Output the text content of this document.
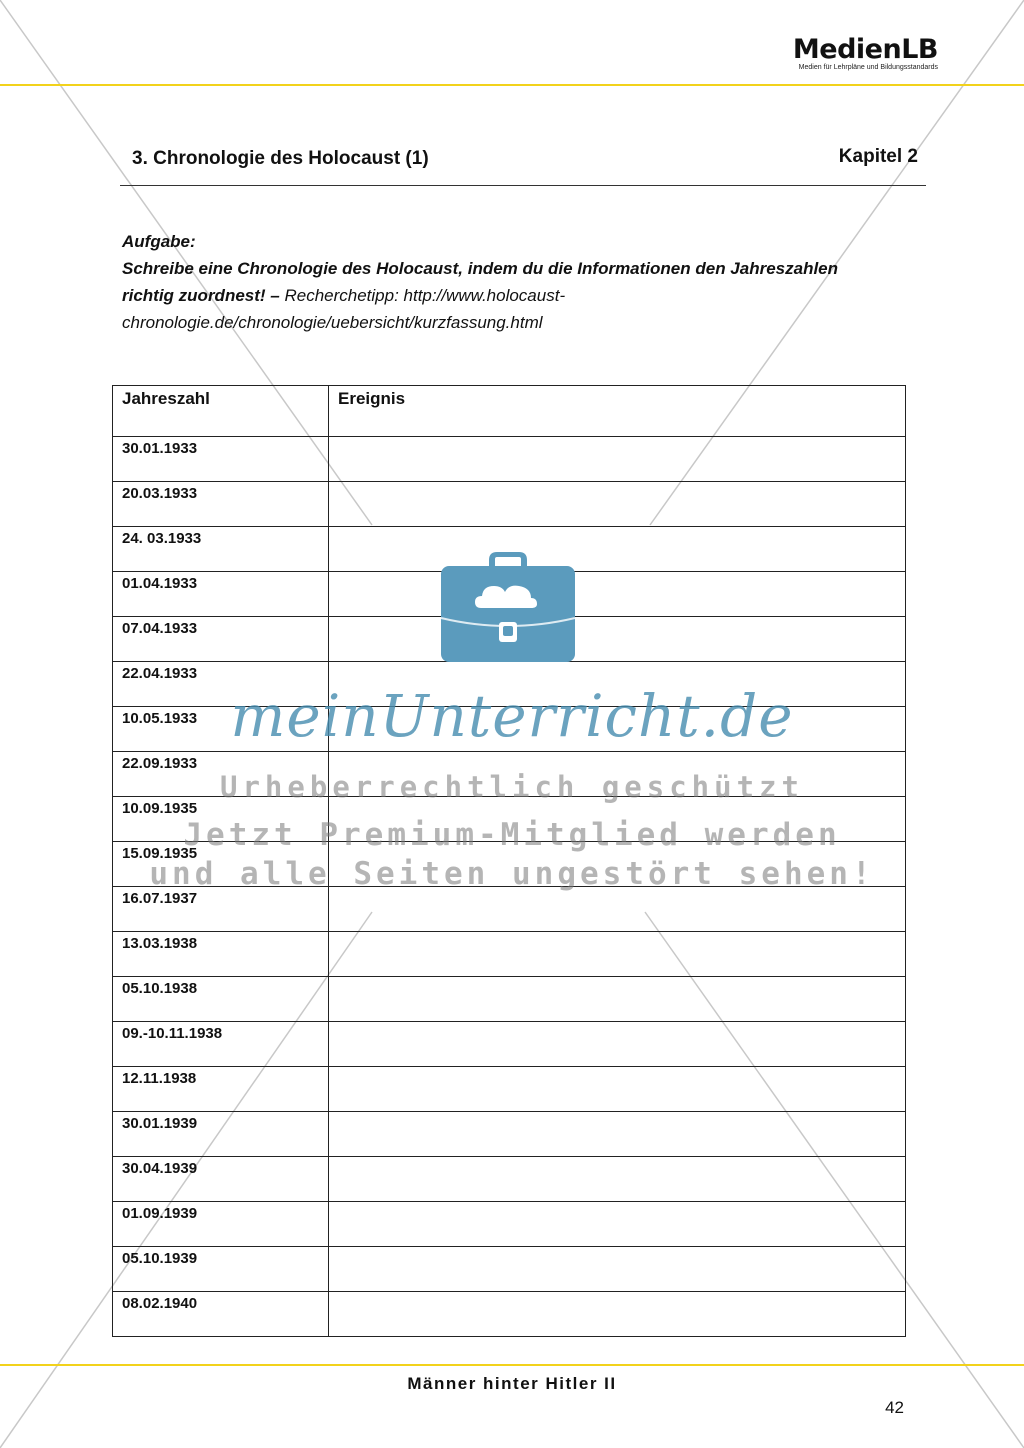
MedienLB
Medien für Lehrpläne und Bildungsstandards
3. Chronologie des Holocaust (1)	Kapitel 2
Aufgabe:
Schreibe eine Chronologie des Holocaust, indem du die Informationen den Jahreszahlen richtig zuordnest! – Recherchetipp: http://www.holocaust-chronologie.de/chronologie/uebersicht/kurzfassung.html
Jahreszahl	Ereignis
30.01.1933	
20.03.1933	
24. 03.1933	
01.04.1933	
07.04.1933	
22.04.1933	
10.05.1933	
22.09.1933	
10.09.1935	
15.09.1935	
16.07.1937	
13.03.1938	
05.10.1938	
09.-10.11.1938	
12.11.1938	
30.01.1939	
30.04.1939	
01.09.1939	
05.10.1939	
08.02.1940	
meinUnterricht.de
Urheberrechtlich geschützt
Jetzt Premium-Mitglied werden
und alle Seiten ungestört sehen!
Männer hinter Hitler II
42
